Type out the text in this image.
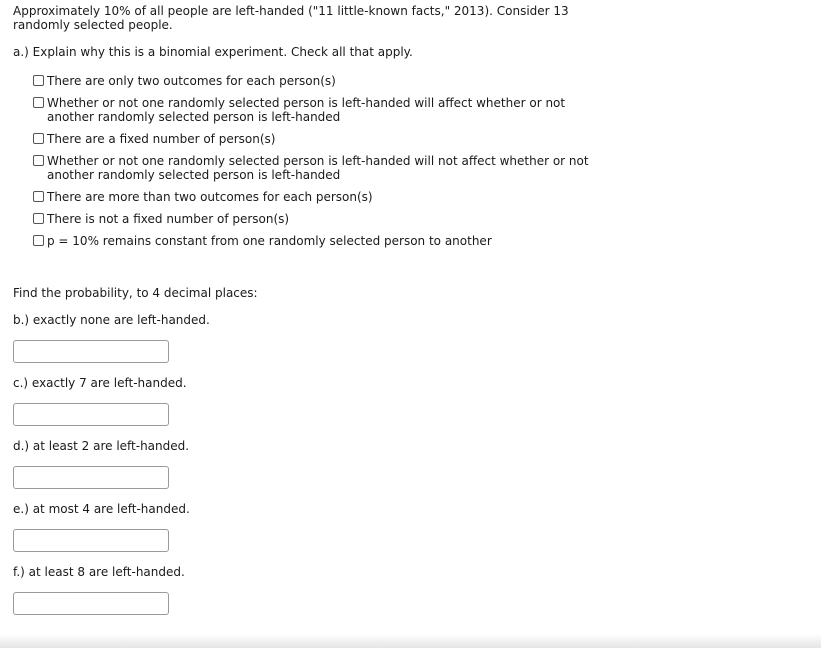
Approximately 10% of all people are left-handed ("11 little-known facts," 2013). Consider 13 randomly selected people.
a.) Explain why this is a binomial experiment. Check all that apply.
There are only two outcomes for each person(s)
Whether or not one randomly selected person is left-handed will affect whether or not another randomly selected person is left-handed
There are a fixed number of person(s)
Whether or not one randomly selected person is left-handed will not affect whether or not another randomly selected person is left-handed
There are more than two outcomes for each person(s)
There is not a fixed number of person(s)
p = 10% remains constant from one randomly selected person to another
Find the probability, to 4 decimal places:
b.) exactly none are left-handed.
c.) exactly 7 are left-handed.
d.) at least 2 are left-handed.
e.) at most 4 are left-handed.
f.) at least 8 are left-handed.
